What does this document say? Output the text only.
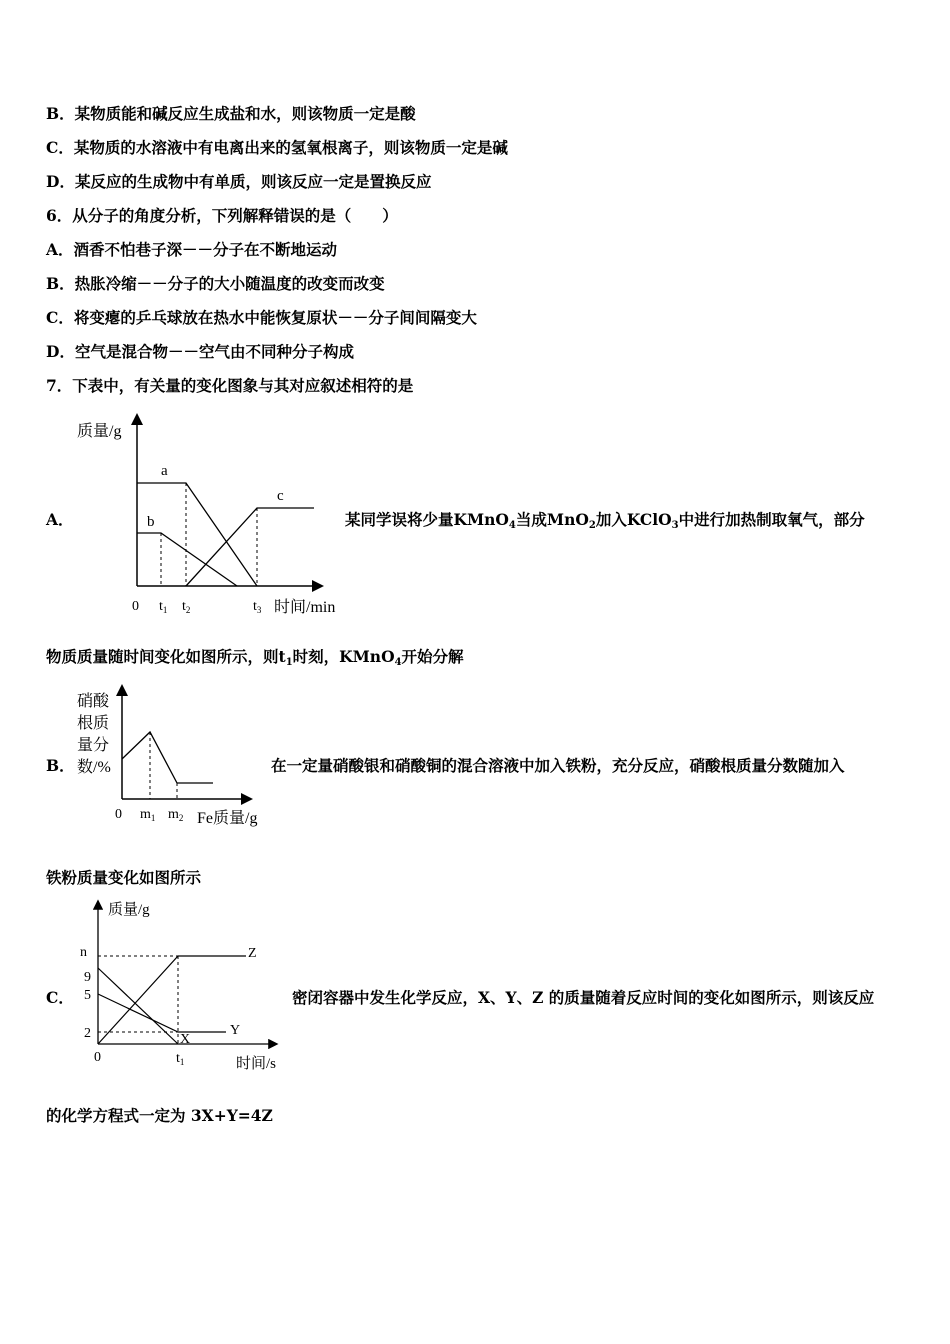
B．某物质能和碱反应生成盐和水，则该物质一定是酸
C．某物质的水溶液中有电离出来的氢氧根离子，则该物质一定是碱
D．某反应的生成物中有单质，则该反应一定是置换反应
6．从分子的角度分析，下列解释错误的是（　　）
A．酒香不怕巷子深－－分子在不断地运动
B．热胀冷缩－－分子的大小随温度的改变而改变
C．将变瘪的乒乓球放在热水中能恢复原状－－分子间间隔变大
D．空气是混合物－－空气由不同种分子构成
7．下表中，有关量的变化图象与其对应叙述相符的是
A．
质量/g
a
b
c
0 $t_1$ $t_2$	$t_3$ 时间/min
某同学误将少量KMnO$_4$当成MnO$_2$加入KClO$_3$中进行加热制取氧气，部分
物质质量随时间变化如图所示，则$t_1$时刻，KMnO$_4$开始分解
B．
硝酸
根质
量分
数/%
0 $m_1$ $m_2$ Fe质量/g
在一定量硝酸银和硝酸铜的混合溶液中加入铁粉，充分反应，硝酸根质量分数随加入
铁粉质量变化如图所示
C．
质量/g
n
9
5
2
Z
Y
X
0	$t_1$	时间/s
密闭容器中发生化学反应，X、Y、Z 的质量随着反应时间的变化如图所示，则该反应
的化学方程式一定为 3X+Y=4Z
